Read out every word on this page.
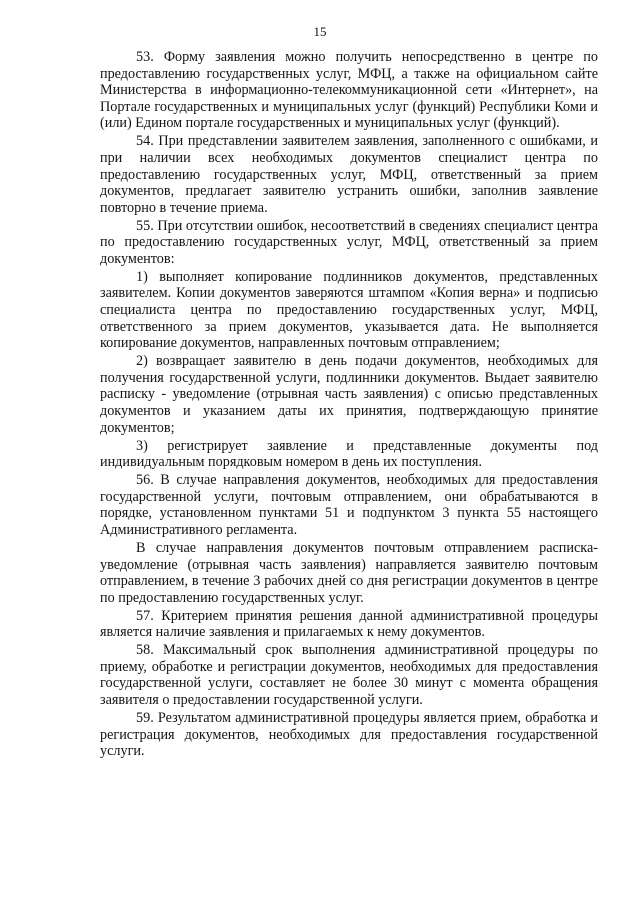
15

53. Форму заявления можно получить непосредственно в центре по предоставлению государственных услуг, МФЦ, а также на официальном сайте Министерства в информационно-телекоммуникационной сети «Интернет», на Портале государственных и муниципальных услуг (функций) Республики Коми и (или) Едином портале государственных и муниципальных услуг (функций).

54. При представлении заявителем заявления, заполненного с ошибками, и при наличии всех необходимых документов специалист центра по предоставлению государственных услуг, МФЦ, ответственный за прием документов, предлагает заявителю устранить ошибки, заполнив заявление повторно в течение приема.

55. При отсутствии ошибок, несоответствий в сведениях специалист центра по предоставлению государственных услуг, МФЦ, ответственный за прием документов:

1) выполняет копирование подлинников документов, представленных заявителем. Копии документов заверяются штампом «Копия верна» и подписью специалиста центра по предоставлению государственных услуг, МФЦ, ответственного за прием документов, указывается дата. Не выполняется копирование документов, направленных почтовым отправлением;

2) возвращает заявителю в день подачи документов, необходимых для получения государственной услуги, подлинники документов. Выдает заявителю расписку - уведомление (отрывная часть заявления) с описью представленных документов и указанием даты их принятия, подтверждающую принятие документов;

3) регистрирует заявление и представленные документы под индивидуальным порядковым номером в день их поступления.

56. В случае направления документов, необходимых для предоставления государственной услуги, почтовым отправлением, они обрабатываются в порядке, установленном пунктами 51 и подпунктом 3 пункта 55 настоящего Административного регламента.

В случае направления документов почтовым отправлением расписка-уведомление (отрывная часть заявления) направляется заявителю почтовым отправлением, в течение 3 рабочих дней со дня регистрации документов в центре по предоставлению государственных услуг.

57. Критерием принятия решения данной административной процедуры является наличие заявления и прилагаемых к нему документов.

58. Максимальный срок выполнения административной процедуры по приему, обработке и регистрации документов, необходимых для предоставления государственной услуги, составляет не более 30 минут с момента обращения заявителя о предоставлении государственной услуги.

59. Результатом административной процедуры является прием, обработка и регистрация документов, необходимых для предоставления государственной услуги.
